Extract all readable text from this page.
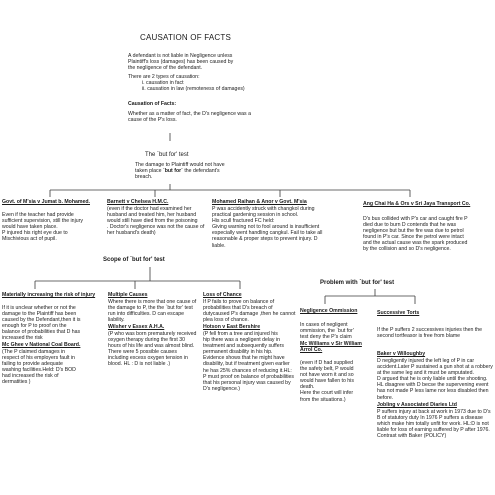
CAUSATION OF FACTS
A defendant is not liable in Negligence unless
Plaintiff's loss (damages) has been caused by
the negligence of the defendant.
There are 2 types of causation:
i. causation in fact
ii. causation in law (remoteness of damages)
Causation of Facts:
Whether as a matter of fact, the D's negligence was a
cause of the P's loss.
The `but for' test
The damage to Plaintiff would not have
taken place `but for` the defendant's
breach.
Govt. of M'sia v Jumat b. Mohamed.
Even if the teacher had provide
sufficient supervision, still the injury
would have taken place.
P injured his right eye due to
Mischivious act of pupil.
Barnett v Chelsea H.M.C.
(even if the doctor had examined her
husband and treated him, her husband
would still have died from the poisoning
. Doctor's negligence was not the cause of
her husband's death)
Mohamed Raihan & Anor v Govt. M'sia
P was accidently struck with changkol during
practical gardening session in school.
His scull fractured FC held:
Giving warning not to fool around is insufficient
especially went handling cangkul. Fail to take all
reasonable & proper steps to prevent injury. D
liable.
Ang Chai Ha & Ors v Sri Jaya Transport Co.
D's bus collided with P's car and caught fire P
died due to burn D contends that he was
negligence but but the fire was due to petrol
found in P's car. Since the petrol were intact
and the actual cause was the spark produced
by the collision and so D's negligence.
Scope of `but for' test
Materially increasing the risk of injury
If it is unclear whether or not the
damage to the Plaintiff has been
caused by the Defendant,then it is
enough for P to proof on the
balance of probabilities that D has
increased the risk
Mc Ghee v National Coal Board.
(The P claimed damages in
respect of his employers fault in
failing to provide adequate
washing facilities.Held: D's BOD
had increased the risk of
dermatities )
Multiple Causes
Where there is more that one cause of
the damage to P, the the `but for' test
run into difficulties. D can escape
liability.
Wilsher v Essex A.H.A.
(P who was born prematurely received
oxygen therapy during the first 30
hours of his life and was almost blind.
There were 5 possible causes
including excess oxygen tension in
blood. HL : D is not liable .)
Loss of Chance
If P fails to prove on balance of
probabilities that D's breach of
dutycaused P's damage ,then he cannot
plea loss of chance.
Hotson v East Bershire
(P fell from a tree and injured his
hip there was a negligent delay in
treatment and subsequently suffers
permanent disability in his hip.
Evidence shows that he might have
disability, but if treatment given earlier
he has 25% chances of reducing it.HL:
P must proof on balance of probabilities
that his personal injury was caused by
D's negligence.)
Problem with `but for' test
Negligence Ommission
In cases of negligent
ommission, the `but for'
test deny the P's claim
Mc Williams v Sir William Arrol Co.
(even if D had supplied
the safety belt, P would
not have worn it and so
would have fallen to his
death.
Here the court will infer
from the situations.)
Successive Torts
If the P suffers 2 successives injuries then the
second tortfeasor is free from blame
Baker v Willoughby
D negligently injured the left leg of P in car
accident.Later P sustained a gun shot at a robbery
at the same leg and it must be amputated.
D argued that he is only liable until the shooting.
HL disagree with D becse the supervening event
has not made P less lame nor less disabled then
before.
Jobling v Associated Diaries Ltd
P suffers injury at back at work in 1973 due to D's
B of statutory duty In 1976 P suffers a disease
which make him totally unfit for work. HL:D is not
liable for loss of earning suffered by P after 1976.
Contrast with Baker (POLICY)
